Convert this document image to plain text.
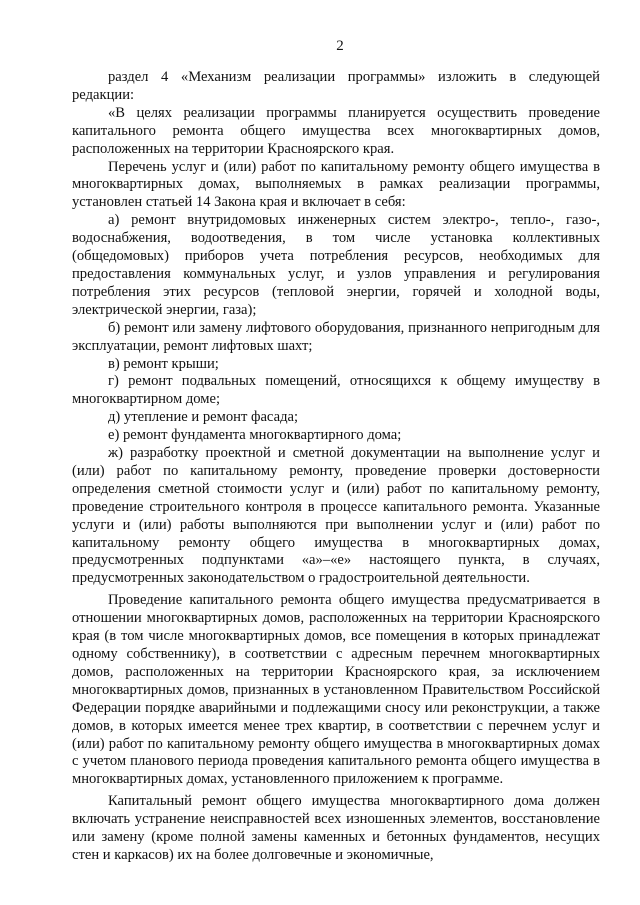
2

раздел 4 «Механизм реализации программы» изложить в следующей редакции:

«В целях реализации программы планируется осуществить проведение капитального ремонта общего имущества всех многоквартирных домов, расположенных на территории Красноярского края.

Перечень услуг и (или) работ по капитальному ремонту общего имущества в многоквартирных домах, выполняемых в рамках реализации программы, установлен статьей 14 Закона края и включает в себя:

а) ремонт внутридомовых инженерных систем электро-, тепло-, газо-, водоснабжения, водоотведения, в том числе установка коллективных (общедомовых) приборов учета потребления ресурсов, необходимых для предоставления коммунальных услуг, и узлов управления и регулирования потребления этих ресурсов (тепловой энергии, горячей и холодной воды, электрической энергии, газа);

б) ремонт или замену лифтового оборудования, признанного непригодным для эксплуатации, ремонт лифтовых шахт;

в) ремонт крыши;

г) ремонт подвальных помещений, относящихся к общему имуществу в многоквартирном доме;

д) утепление и ремонт фасада;

е) ремонт фундамента многоквартирного дома;

ж) разработку проектной и сметной документации на выполнение услуг и (или) работ по капитальному ремонту, проведение проверки достоверности определения сметной стоимости услуг и (или) работ по капитальному ремонту, проведение строительного контроля в процессе капитального ремонта. Указанные услуги и (или) работы выполняются при выполнении услуг и (или) работ по капитальному ремонту общего имущества в многоквартирных домах, предусмотренных подпунктами «а»–«е» настоящего пункта, в случаях, предусмотренных законодательством о градостроительной деятельности.

Проведение капитального ремонта общего имущества предусматривается в отношении многоквартирных домов, расположенных на территории Красноярского края (в том числе многоквартирных домов, все помещения в которых принадлежат одному собственнику), в соответствии с адресным перечнем многоквартирных домов, расположенных на территории Красноярского края, за исключением многоквартирных домов, признанных в установленном Правительством Российской Федерации порядке аварийными и подлежащими сносу или реконструкции, а также домов, в которых имеется менее трех квартир, в соответствии с перечнем услуг и (или) работ по капитальному ремонту общего имущества в многоквартирных домах с учетом планового периода проведения капитального ремонта общего имущества в многоквартирных домах, установленного приложением к программе.

Капитальный ремонт общего имущества многоквартирного дома должен включать устранение неисправностей всех изношенных элементов, восстановление или замену (кроме полной замены каменных и бетонных фундаментов, несущих стен и каркасов) их на более долговечные и экономичные,
